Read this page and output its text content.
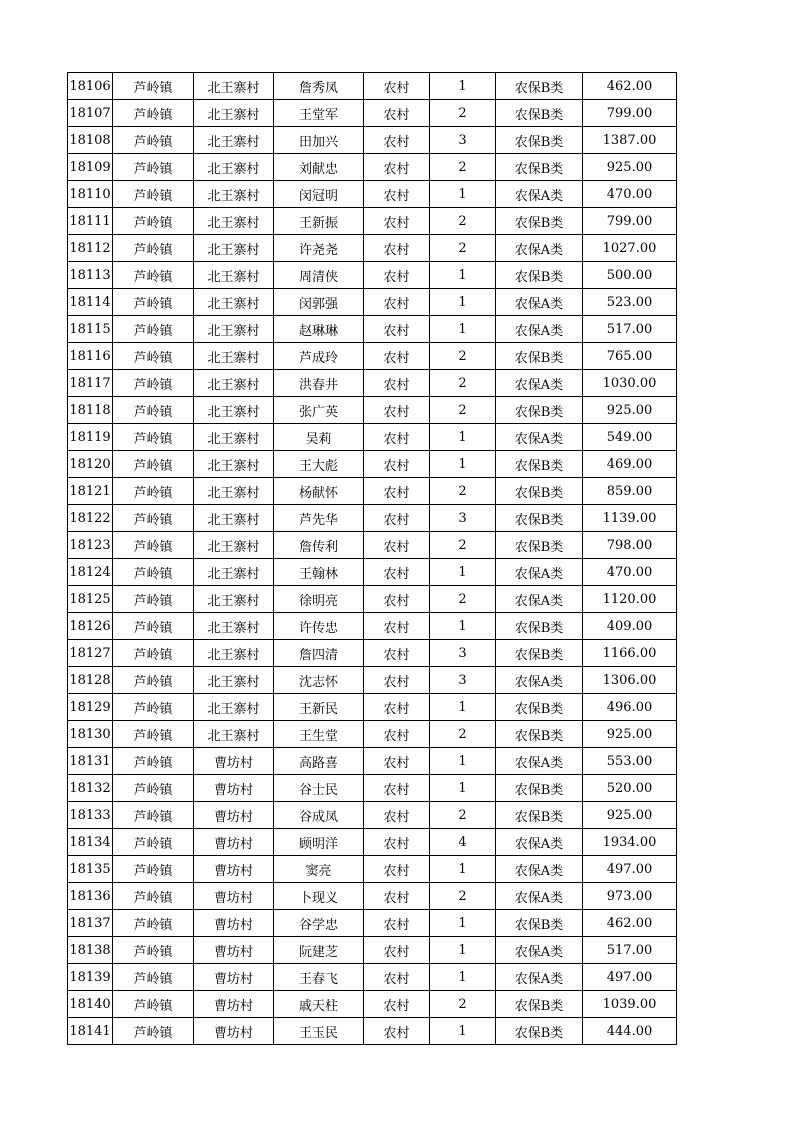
18106	芦岭镇	北王寨村	詹秀凤	农村	1	农保B类	462.00
18107	芦岭镇	北王寨村	王堂军	农村	2	农保B类	799.00
18108	芦岭镇	北王寨村	田加兴	农村	3	农保B类	1387.00
18109	芦岭镇	北王寨村	刘献忠	农村	2	农保B类	925.00
18110	芦岭镇	北王寨村	闵冠明	农村	1	农保A类	470.00
18111	芦岭镇	北王寨村	王新振	农村	2	农保B类	799.00
18112	芦岭镇	北王寨村	许尧尧	农村	2	农保A类	1027.00
18113	芦岭镇	北王寨村	周清侠	农村	1	农保B类	500.00
18114	芦岭镇	北王寨村	闵郭强	农村	1	农保A类	523.00
18115	芦岭镇	北王寨村	赵琳琳	农村	1	农保A类	517.00
18116	芦岭镇	北王寨村	芦成玲	农村	2	农保B类	765.00
18117	芦岭镇	北王寨村	洪春井	农村	2	农保A类	1030.00
18118	芦岭镇	北王寨村	张广英	农村	2	农保B类	925.00
18119	芦岭镇	北王寨村	吴莉	农村	1	农保A类	549.00
18120	芦岭镇	北王寨村	王大彪	农村	1	农保B类	469.00
18121	芦岭镇	北王寨村	杨献怀	农村	2	农保B类	859.00
18122	芦岭镇	北王寨村	芦先华	农村	3	农保B类	1139.00
18123	芦岭镇	北王寨村	詹传利	农村	2	农保B类	798.00
18124	芦岭镇	北王寨村	王翰林	农村	1	农保A类	470.00
18125	芦岭镇	北王寨村	徐明亮	农村	2	农保A类	1120.00
18126	芦岭镇	北王寨村	许传忠	农村	1	农保B类	409.00
18127	芦岭镇	北王寨村	詹四清	农村	3	农保B类	1166.00
18128	芦岭镇	北王寨村	沈志怀	农村	3	农保A类	1306.00
18129	芦岭镇	北王寨村	王新民	农村	1	农保B类	496.00
18130	芦岭镇	北王寨村	王生堂	农村	2	农保B类	925.00
18131	芦岭镇	曹坊村	高路喜	农村	1	农保A类	553.00
18132	芦岭镇	曹坊村	谷士民	农村	1	农保B类	520.00
18133	芦岭镇	曹坊村	谷成凤	农村	2	农保B类	925.00
18134	芦岭镇	曹坊村	顾明洋	农村	4	农保A类	1934.00
18135	芦岭镇	曹坊村	窦亮	农村	1	农保A类	497.00
18136	芦岭镇	曹坊村	卜现义	农村	2	农保A类	973.00
18137	芦岭镇	曹坊村	谷学忠	农村	1	农保B类	462.00
18138	芦岭镇	曹坊村	阮建芝	农村	1	农保A类	517.00
18139	芦岭镇	曹坊村	王春飞	农村	1	农保A类	497.00
18140	芦岭镇	曹坊村	戚天柱	农村	2	农保B类	1039.00
18141	芦岭镇	曹坊村	王玉民	农村	1	农保B类	444.00
